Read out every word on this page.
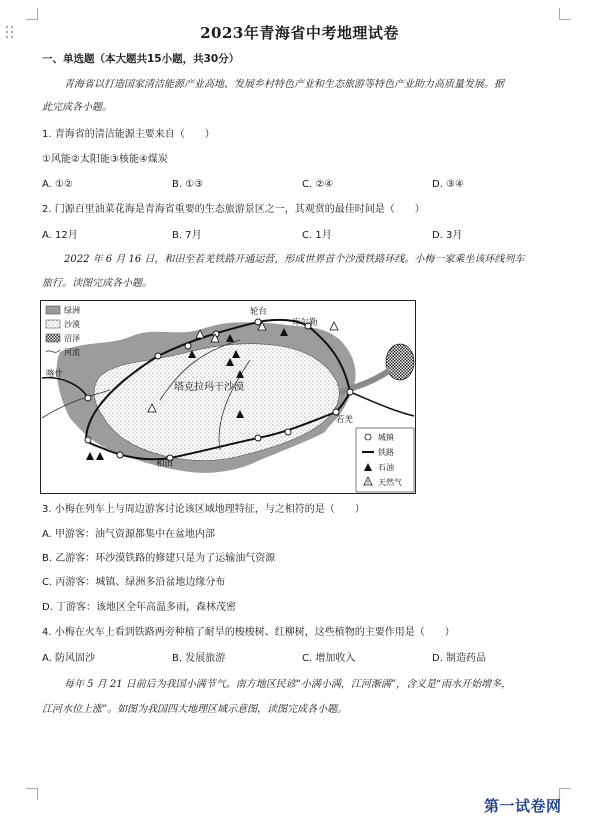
2023年青海省中考地理试卷
一、单选题（本大题共15小题，共30分）
青海省以打造国家清洁能源产业高地、发展乡村特色产业和生态旅游等特色产业助力高质量发展。据
此完成各小题。
1. 青海省的清洁能源主要来自（　　）
①风能②太阳能③核能④煤炭
A. ①②	B. ①③	C. ②④	D. ③④
2. 门源百里油菜花海是青海省重要的生态旅游景区之一，其观赏的最佳时间是（　　）
A. 12月	B. 7月	C. 1月	D. 3月
2022 年 6 月 16 日，和田至若羌铁路开通运营，形成世界首个沙漠铁路环线。小梅一家乘坐该环线列车
旅行。读图完成各小题。
绿洲
沙漠
沼泽
河流
城镇
铁路
石油
天然气
轮台
库尔勒
喀什
塔克拉玛干沙漠
和田
若羌
3. 小梅在列车上与周边游客讨论该区域地理特征，与之相符的是（　　）
A. 甲游客：油气资源都集中在盆地内部
B. 乙游客：环沙漠铁路的修建只是为了运输油气资源
C. 丙游客：城镇、绿洲多沿盆地边缘分布
D. 丁游客：该地区全年高温多雨，森林茂密
4. 小梅在火车上看到铁路两旁种植了耐旱的梭梭树、红柳树，这些植物的主要作用是（　　）
A. 防风固沙	B. 发展旅游	C. 增加收入	D. 制造药品
每年 5 月 21 日前后为我国小满节气。南方地区民谚“小满小满，江河渐满”，含义是“雨水开始增多，
江河水位上涨”。如图为我国四大地理区域示意图，读图完成各小题。
第一试卷网
